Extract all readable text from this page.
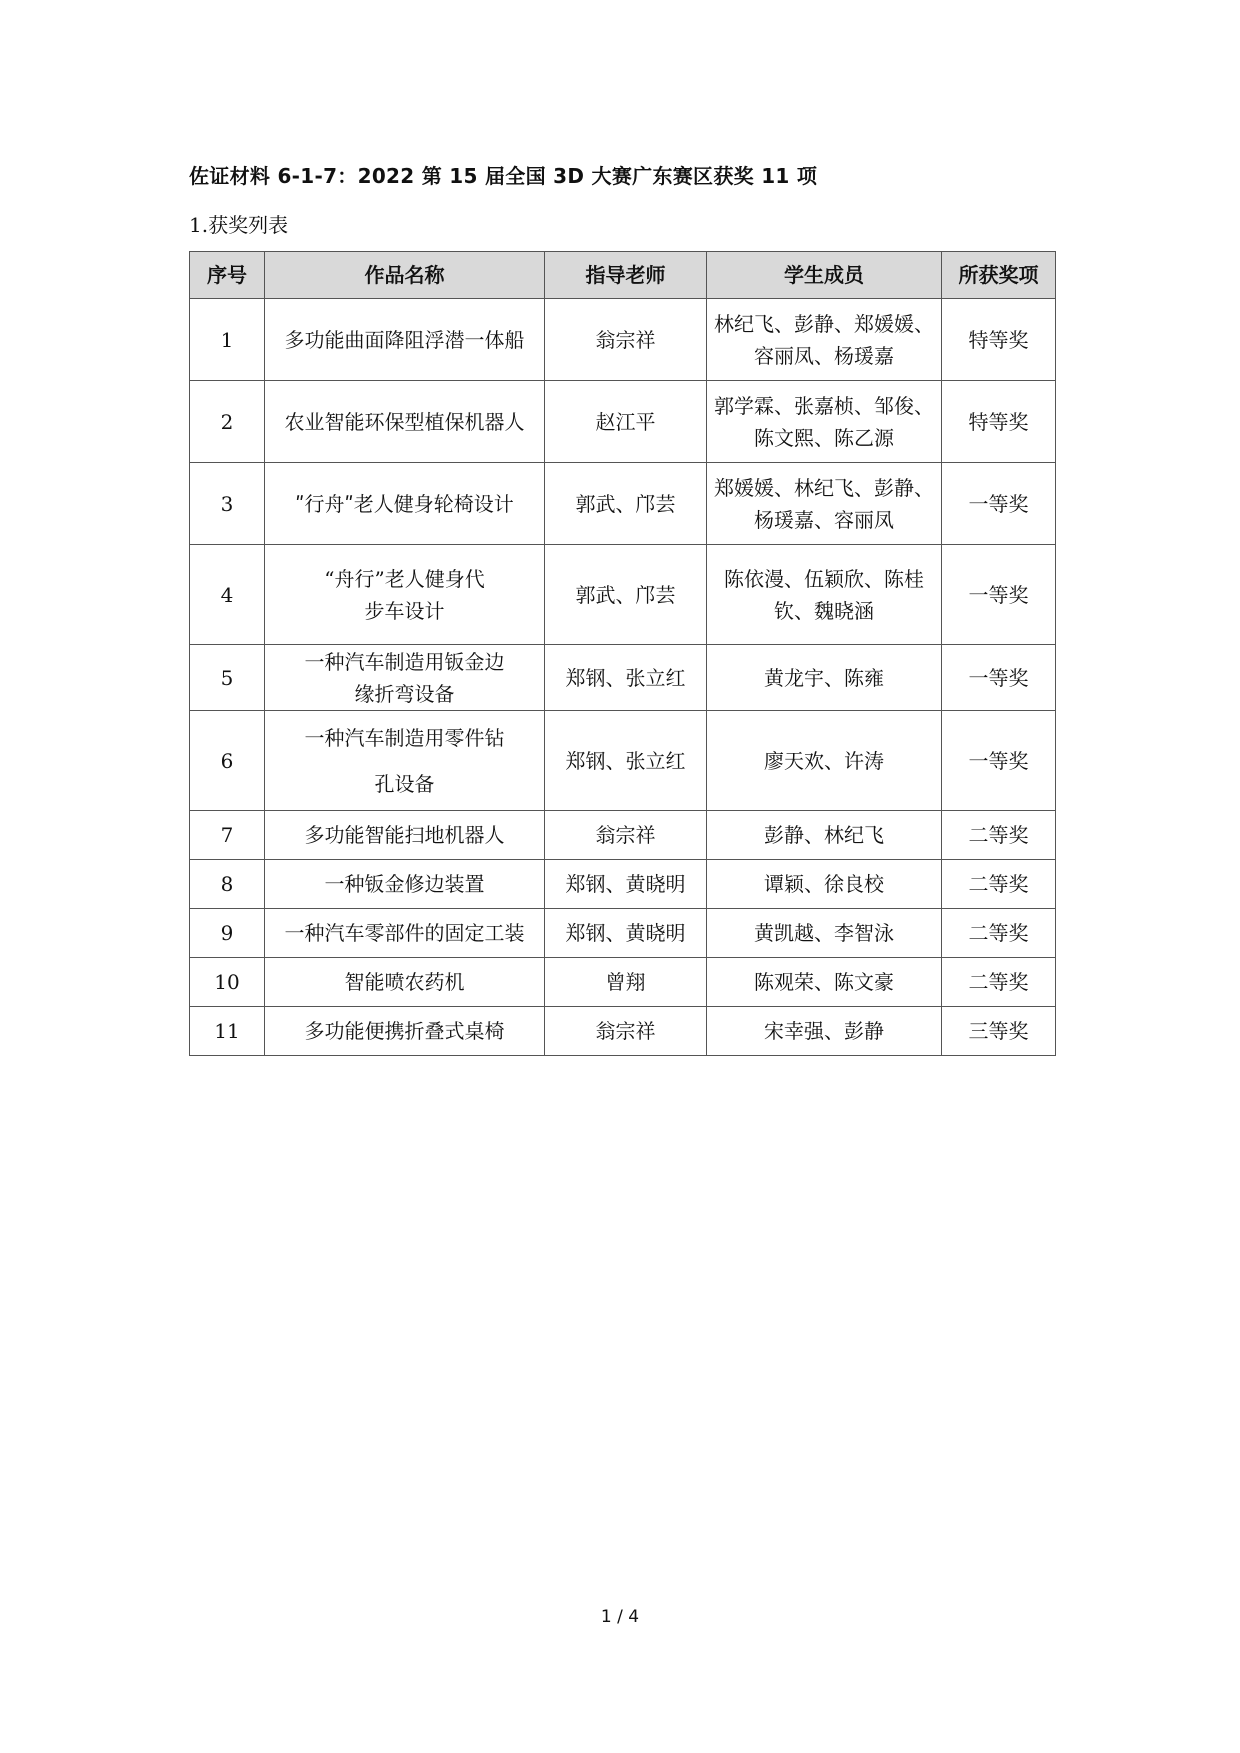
佐证材料 6-1-7：2022 第 15 届全国 3D 大赛广东赛区获奖 11 项
1.获奖列表
序号	作品名称	指导老师	学生成员	所获奖项
1	多功能曲面降阻浮潜一体船	翁宗祥	林纪飞、彭静、郑媛媛、容丽凤、杨瑗嘉	特等奖
2	农业智能环保型植保机器人	赵江平	郭学霖、张嘉桢、邹俊、陈文熙、陈乙源	特等奖
3	ʺ行舟ʺ老人健身轮椅设计	郭武、邝芸	郑媛媛、林纪飞、彭静、杨瑗嘉、容丽凤	一等奖
4	“舟行”老人健身代步车设计	郭武、邝芸	陈依漫、伍颖欣、陈桂钦、魏晓涵	一等奖
5	一种汽车制造用钣金边缘折弯设备	郑钢、张立红	黄龙宇、陈雍	一等奖
6	一种汽车制造用零件钻孔设备	郑钢、张立红	廖天欢、许涛	一等奖
7	多功能智能扫地机器人	翁宗祥	彭静、林纪飞	二等奖
8	一种钣金修边装置	郑钢、黄晓明	谭颖、徐良校	二等奖
9	一种汽车零部件的固定工装	郑钢、黄晓明	黄凯越、李智泳	二等奖
10	智能喷农药机	曾翔	陈观荣、陈文豪	二等奖
11	多功能便携折叠式桌椅	翁宗祥	宋幸强、彭静	三等奖
1 / 4
